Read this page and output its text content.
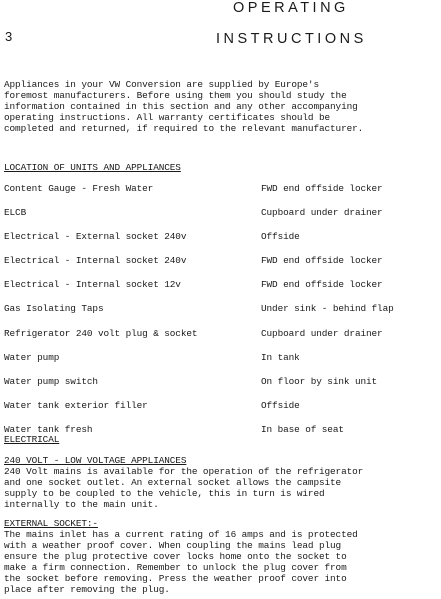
OPERATING
3	INSTRUCTIONS

Appliances in your VW Conversion are supplied by Europe's
foremost manufacturers. Before using them you should study the
information contained in this section and any other accompanying
operating instructions. All warranty certificates should be
completed and returned, if required to the relevant manufacturer.

LOCATION OF UNITS AND APPLIANCES

Content Gauge - Fresh Water	FWD end offside locker
ELCB	Cupboard under drainer
Electrical - External socket 240v	Offside
Electrical - Internal socket 240v	FWD end offside locker
Electrical - Internal socket 12v	FWD end offside locker
Gas Isolating Taps	Under sink - behind flap
Refrigerator 240 volt plug & socket	Cupboard under drainer
Water pump	In tank
Water pump switch	On floor by sink unit
Water tank exterior filler	Offside
Water tank fresh	In base of seat

ELECTRICAL

240 VOLT - LOW VOLTAGE APPLIANCES

240 Volt mains is available for the operation of the refrigerator
and one socket outlet. An external socket allows the campsite
supply to be coupled to the vehicle, this in turn is wired
internally to the main unit.

EXTERNAL SOCKET:-

The mains inlet has a current rating of 16 amps and is protected
with a weather proof cover. When coupling the mains lead plug
ensure the plug protective cover locks home onto the socket to
make a firm connection. Remember to unlock the plug cover from
the socket before removing. Press the weather proof cover into
place after removing the plug.
